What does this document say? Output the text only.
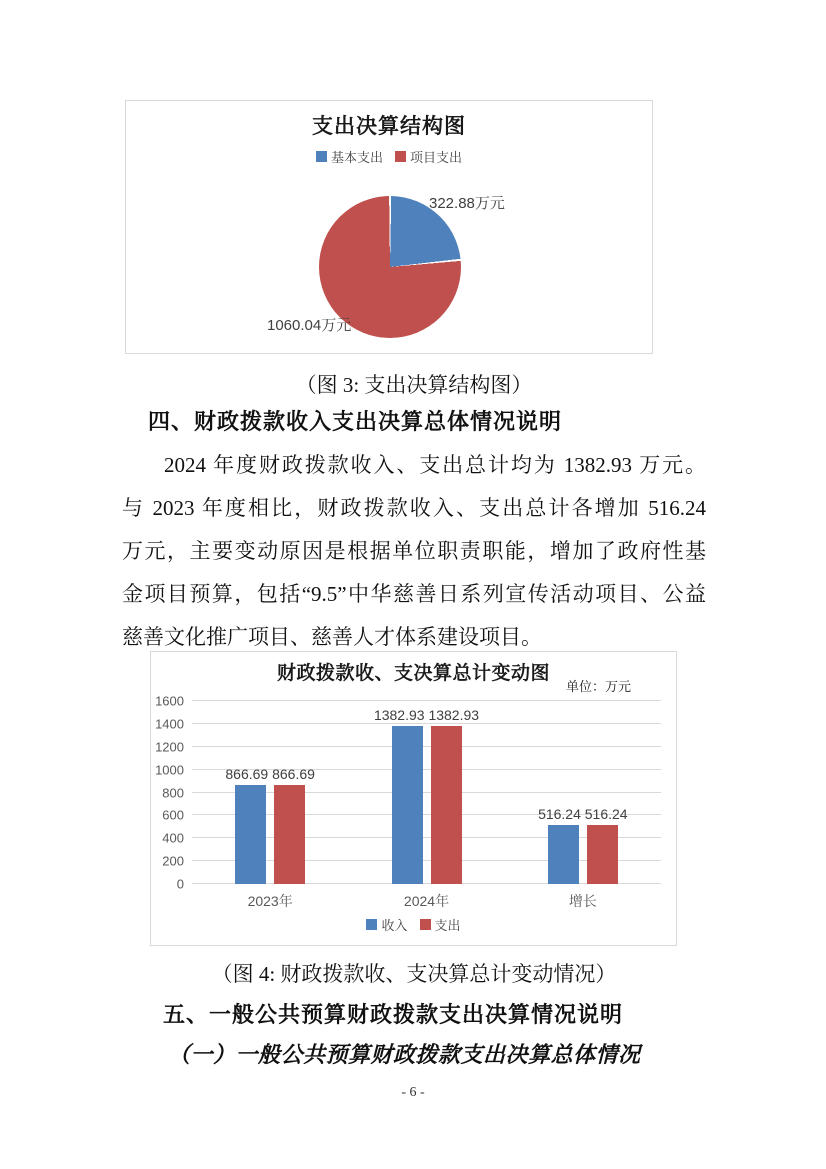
支出决算结构图
基本支出 项目支出
322.88万元
1060.04万元
（图 3: 支出决算结构图）
四、财政拨款收入支出决算总体情况说明
2024 年度财政拨款收入、支出总计均为 1382.93 万元。
与 2023 年度相比，财政拨款收入、支出总计各增加 516.24
万元，主要变动原因是根据单位职责职能，增加了政府性基
金项目预算，包括“9.5”中华慈善日系列宣传活动项目、公益
慈善文化推广项目、慈善人才体系建设项目。
财政拨款收、支决算总计变动图
单位：万元
0
200
400
600
800
1000
1200
1400
1600
866.69 866.69
2023年
1382.93 1382.93
2024年
516.24 516.24
增长
收入 支出
（图 4: 财政拨款收、支决算总计变动情况）
五、一般公共预算财政拨款支出决算情况说明
（一）一般公共预算财政拨款支出决算总体情况
- 6 -
